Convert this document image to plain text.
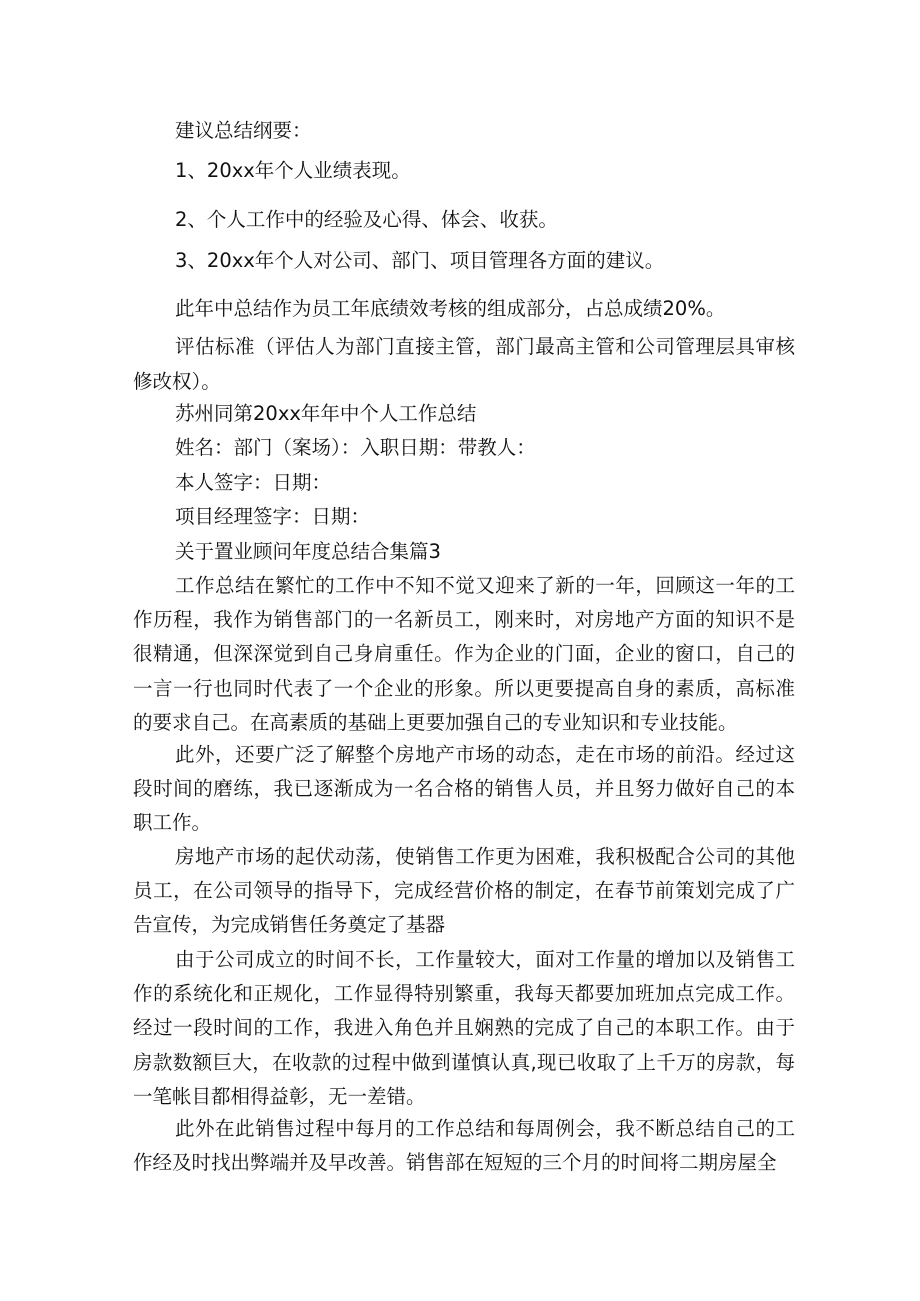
建议总结纲要：
1、20xx年个人业绩表现。
2、个人工作中的经验及心得、体会、收获。
3、20xx年个人对公司、部门、项目管理各方面的建议。
此年中总结作为员工年底绩效考核的组成部分，占总成绩20%。
评估标准（评估人为部门直接主管，部门最高主管和公司管理层具审核修改权）。
苏州同第20xx年年中个人工作总结
姓名：部门（案场）：入职日期：带教人：
本人签字：日期：
项目经理签字：日期：
关于置业顾问年度总结合集篇3
工作总结在繁忙的工作中不知不觉又迎来了新的一年，回顾这一年的工作历程，我作为销售部门的一名新员工，刚来时，对房地产方面的知识不是很精通，但深深觉到自己身肩重任。作为企业的门面，企业的窗口，自己的一言一行也同时代表了一个企业的形象。所以更要提高自身的素质，高标准的要求自己。在高素质的基础上更要加强自己的专业知识和专业技能。
此外，还要广泛了解整个房地产市场的动态，走在市场的前沿。经过这段时间的磨练，我已逐渐成为一名合格的销售人员，并且努力做好自己的本职工作。
房地产市场的起伏动荡，使销售工作更为困难，我积极配合公司的其他员工，在公司领导的指导下，完成经营价格的制定，在春节前策划完成了广告宣传，为完成销售任务奠定了基器
由于公司成立的时间不长，工作量较大，面对工作量的增加以及销售工作的系统化和正规化，工作显得特别繁重，我每天都要加班加点完成工作。经过一段时间的工作，我进入角色并且娴熟的完成了自己的本职工作。由于房款数额巨大，在收款的过程中做到谨慎认真,现已收取了上千万的房款，每一笔帐目都相得益彰，无一差错。
此外在此销售过程中每月的工作总结和每周例会，我不断总结自己的工作经及时找出弊端并及早改善。销售部在短短的三个月的时间将二期房屋全
